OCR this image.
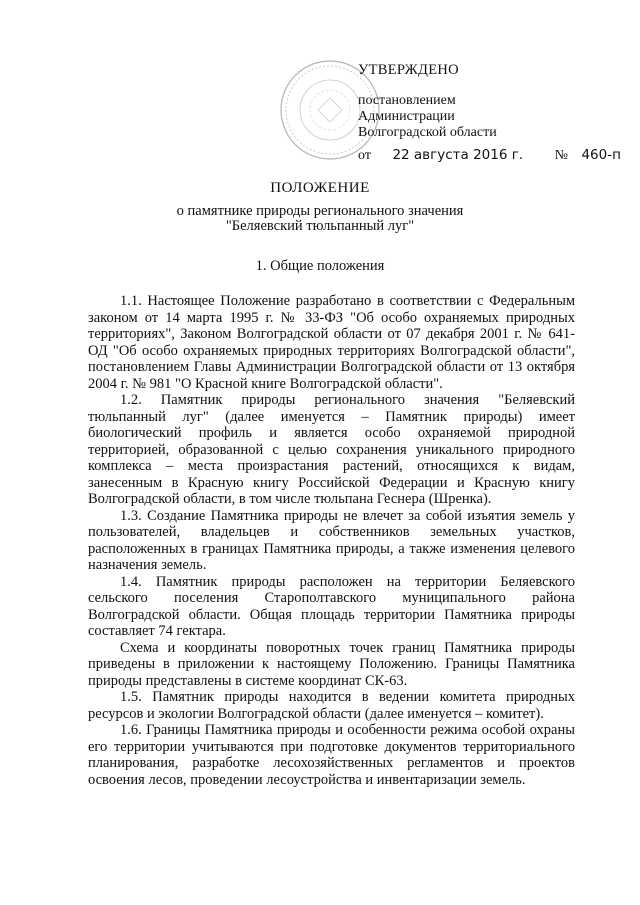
УТВЕРЖДЕНО
постановлением
Администрации
Волгоградской области
от 22 августа 2016 г. № 460-п
ПОЛОЖЕНИЕ
о памятнике природы регионального значения
"Беляевский тюльпанный луг"
1. Общие положения

1.1. Настоящее Положение разработано в соответствии с Федеральным законом от 14 марта 1995 г. № 33-ФЗ "Об особо охраняемых природных территориях", Законом Волгоградской области от 07 декабря 2001 г. № 641-ОД "Об особо охраняемых природных территориях Волгоградской области", постановлением Главы Администрации Волгоградской области от 13 октября 2004 г. № 981 "О Красной книге Волгоградской области".

1.2. Памятник природы регионального значения "Беляевский тюльпанный луг" (далее именуется – Памятник природы) имеет биологический профиль и является особо охраняемой природной территорией, образованной с целью сохранения уникального природного комплекса – места произрастания растений, относящихся к видам, занесенным в Красную книгу Российской Федерации и Красную книгу Волгоградской области, в том числе тюльпана Геснера (Шренка).

1.3. Создание Памятника природы не влечет за собой изъятия земель у пользователей, владельцев и собственников земельных участков, расположенных в границах Памятника природы, а также изменения целевого назначения земель.

1.4. Памятник природы расположен на территории Беляевского сельского поселения Старополтавского муниципального района Волгоградской области. Общая площадь территории Памятника природы составляет 74 гектара.

Схема и координаты поворотных точек границ Памятника природы приведены в приложении к настоящему Положению. Границы Памятника природы представлены в системе координат СК-63.

1.5. Памятник природы находится в ведении комитета природных ресурсов и экологии Волгоградской области (далее именуется – комитет).

1.6. Границы Памятника природы и особенности режима особой охраны его территории учитываются при подготовке документов территориального планирования, разработке лесохозяйственных регламентов и проектов освоения лесов, проведении лесоустройства и инвентаризации земель.
